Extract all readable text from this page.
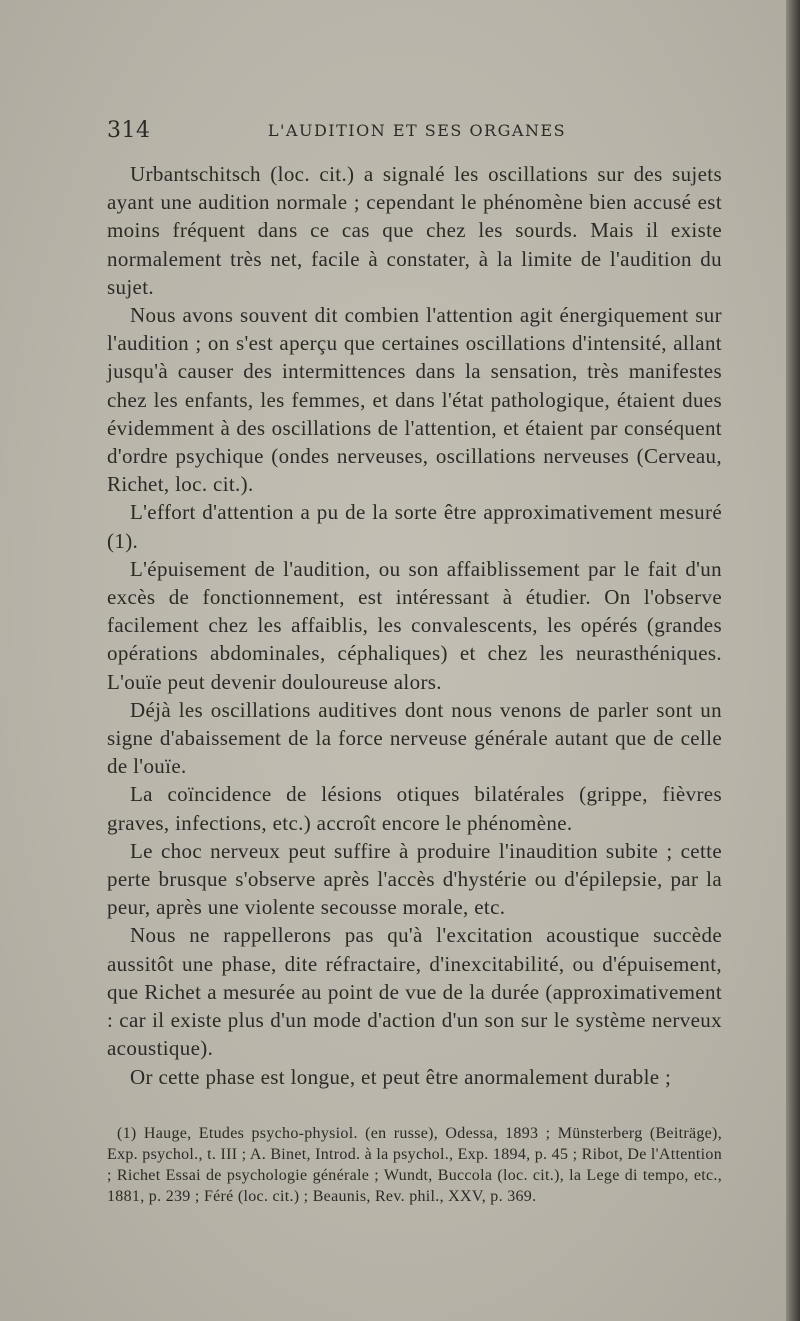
314	L'AUDITION ET SES ORGANES

Urbantschitsch (loc. cit.) a signalé les oscillations sur des sujets ayant une audition normale ; cependant le phénomène bien accusé est moins fréquent dans ce cas que chez les sourds. Mais il existe normalement très net, facile à constater, à la limite de l'audition du sujet.

Nous avons souvent dit combien l'attention agit énergiquement sur l'audition ; on s'est aperçu que certaines oscillations d'intensité, allant jusqu'à causer des intermittences dans la sensation, très manifestes chez les enfants, les femmes, et dans l'état pathologique, étaient dues évidemment à des oscillations de l'attention, et étaient par conséquent d'ordre psychique (ondes nerveuses, oscillations nerveuses (Cerveau, Richet, loc. cit.).

L'effort d'attention a pu de la sorte être approximativement mesuré (1).

L'épuisement de l'audition, ou son affaiblissement par le fait d'un excès de fonctionnement, est intéressant à étudier. On l'observe facilement chez les affaiblis, les convalescents, les opérés (grandes opérations abdominales, céphaliques) et chez les neurasthéniques. L'ouïe peut devenir douloureuse alors.

Déjà les oscillations auditives dont nous venons de parler sont un signe d'abaissement de la force nerveuse générale autant que de celle de l'ouïe.

La coïncidence de lésions otiques bilatérales (grippe, fièvres graves, infections, etc.) accroît encore le phénomène.

Le choc nerveux peut suffire à produire l'inaudition subite ; cette perte brusque s'observe après l'accès d'hystérie ou d'épilepsie, par la peur, après une violente secousse morale, etc.

Nous ne rappellerons pas qu'à l'excitation acoustique succède aussitôt une phase, dite réfractaire, d'inexcitabilité, ou d'épuisement, que Richet a mesurée au point de vue de la durée (approximativement : car il existe plus d'un mode d'action d'un son sur le système nerveux acoustique).

Or cette phase est longue, et peut être anormalement durable ;

(1) Hauge, Etudes psycho-physiol. (en russe), Odessa, 1893 ; Münsterberg (Beiträge), Exp. psychol., t. III ; A. Binet, Introd. à la psychol., Exp. 1894, p. 45 ; Ribot, De l'Attention ; Richet Essai de psychologie générale ; Wundt, Buccola (loc. cit.), la Lege di tempo, etc., 1881, p. 239 ; Féré (loc. cit.) ; Beaunis, Rev. phil., XXV, p. 369.
